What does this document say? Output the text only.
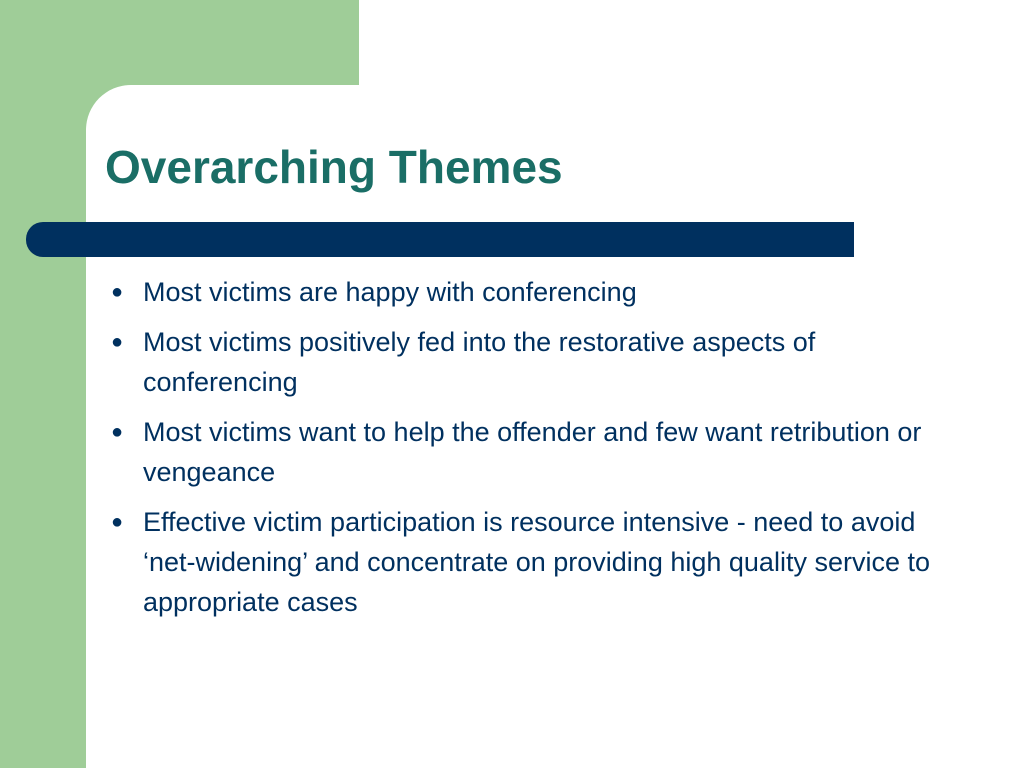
Overarching Themes
● Most victims are happy with conferencing
● Most victims positively fed into the restorative aspects of conferencing
● Most victims want to help the offender and few want retribution or vengeance
● Effective victim participation is resource intensive - need to avoid ‘net-widening’ and concentrate on providing high quality service to appropriate cases
